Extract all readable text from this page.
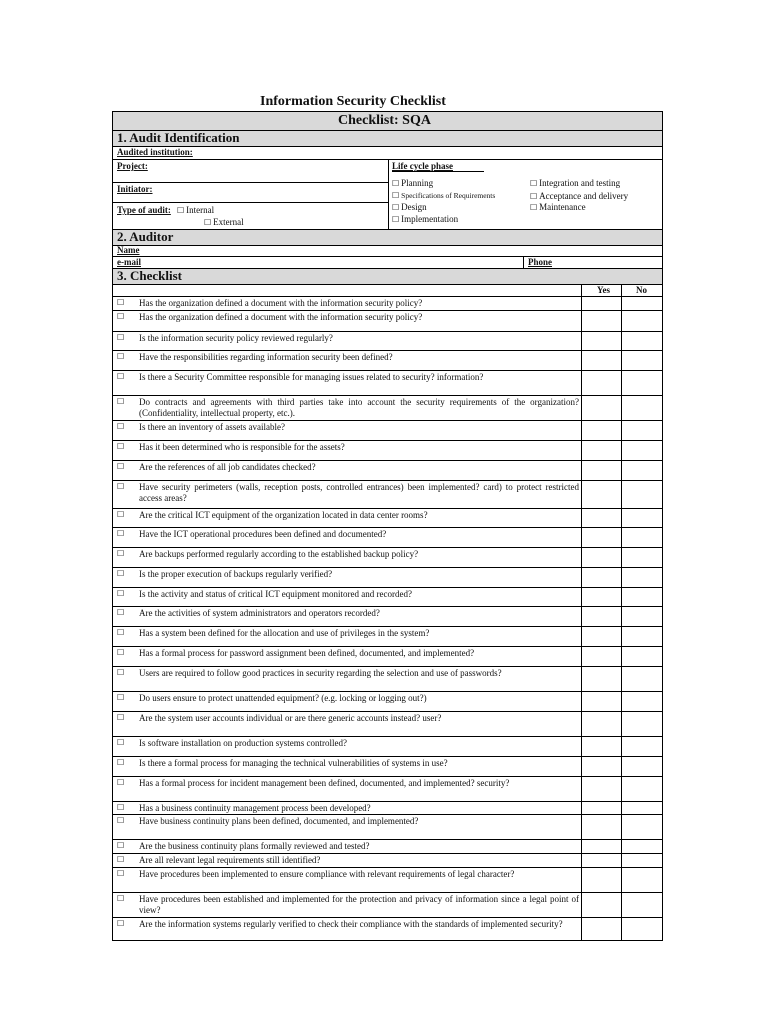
Information Security Checklist
Checklist: SQA
1. Audit Identification
Audited institution:
Project:
Initiator:
Type of audit: ☐ Internal
☐ External
Life cycle phase
☐ Planning
☐ Specifications of Requirements
☐ Design
☐ Implementation
☐ Integration and testing
☐ Acceptance and delivery
☐ Maintenance
2. Auditor
Name
e-mail	Phone
3. Checklist
Yes	No
☐ Has the organization defined a document with the information security policy?
☐ Has the organization defined a document with the information security policy?
☐ Is the information security policy reviewed regularly?
☐ Have the responsibilities regarding information security been defined?
☐ Is there a Security Committee responsible for managing issues related to security? information?
☐ Do contracts and agreements with third parties take into account the security requirements of the organization? (Confidentiality, intellectual property, etc.).
☐ Is there an inventory of assets available?
☐ Has it been determined who is responsible for the assets?
☐ Are the references of all job candidates checked?
☐ Have security perimeters (walls, reception posts, controlled entrances) been implemented? card) to protect restricted access areas?
☐ Are the critical ICT equipment of the organization located in data center rooms?
☐ Have the ICT operational procedures been defined and documented?
☐ Are backups performed regularly according to the established backup policy?
☐ Is the proper execution of backups regularly verified?
☐ Is the activity and status of critical ICT equipment monitored and recorded?
☐ Are the activities of system administrators and operators recorded?
☐ Has a system been defined for the allocation and use of privileges in the system?
☐ Has a formal process for password assignment been defined, documented, and implemented?
☐ Users are required to follow good practices in security regarding the selection and use of passwords?
☐ Do users ensure to protect unattended equipment? (e.g. locking or logging out?)
☐ Are the system user accounts individual or are there generic accounts instead? user?
☐ Is software installation on production systems controlled?
☐ Is there a formal process for managing the technical vulnerabilities of systems in use?
☐ Has a formal process for incident management been defined, documented, and implemented? security?
☐ Has a business continuity management process been developed?
☐ Have business continuity plans been defined, documented, and implemented?
☐ Are the business continuity plans formally reviewed and tested?
☐ Are all relevant legal requirements still identified?
☐ Have procedures been implemented to ensure compliance with relevant requirements of legal character?
☐ Have procedures been established and implemented for the protection and privacy of information since a legal point of view?
☐ Are the information systems regularly verified to check their compliance with the standards of implemented security?
